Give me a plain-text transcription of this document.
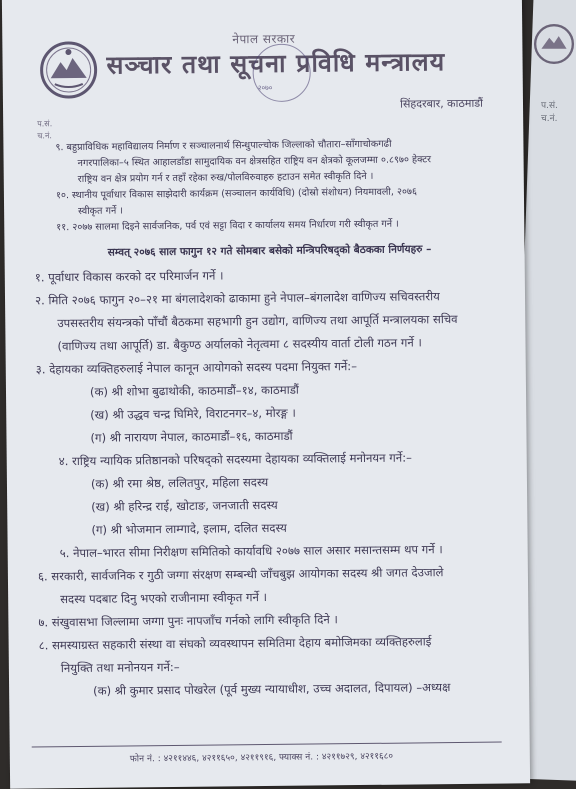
प.सं.
च.नं.
नेपाल सरकार
सञ्चार तथा सूचना प्रविधि मन्त्रालय
२०७०
सिंहदरबार, काठमाडौं
प.सं.
च.नं.
९. बहुप्राविधिक महाविद्यालय निर्माण र सञ्चालनार्थ सिन्धुपाल्चोक जिल्लाको चौतारा–साँगाचोकगढी
नगरपालिका–५ स्थित आहालडाँडा सामुदायिक वन क्षेत्रसहित राष्ट्रिय वन क्षेत्रको कूलजम्मा ०.८९७० हेक्टर
राष्ट्रिय वन क्षेत्र प्रयोग गर्न र तहाँ रहेका रुख/पोलविरुवाहरु हटाउन समेत स्वीकृति दिने ।
१०. स्थानीय पूर्वाधार विकास साझेदारी कार्यक्रम (सञ्चालन कार्यविधि) (दोस्रो संशोधन) नियमावली, २०७६
स्वीकृत गर्ने ।
११. २०७७ सालमा दिइने सार्वजनिक, पर्व एवं सट्टा विदा र कार्यालय समय निर्धारण गरी स्वीकृत गर्ने ।
सम्वत् २०७६ साल फागुन १२ गते सोमबार बसेको मन्त्रिपरिषद्को बैठकका निर्णयहरु –
१. पूर्वाधार विकास करको दर परिमार्जन गर्ने ।
२. मिति २०७६ फागुन २०–२१ मा बंगलादेशको ढाकामा हुने नेपाल–बंगलादेश वाणिज्य सचिवस्तरीय
उपसस्तरीय संयन्त्रको पाँचौं बैठकमा सहभागी हुन उद्योग, वाणिज्य तथा आपूर्ति मन्त्रालयका सचिव
(वाणिज्य तथा आपूर्ति) डा. बैकुण्ठ अर्यालको नेतृत्वमा ८ सदस्यीय वार्ता टोली गठन गर्ने ।
३. देहायका व्यक्तिहरुलाई नेपाल कानून आयोगको सदस्य पदमा नियुक्त गर्ने:–
(क) श्री शोभा बुढाथोकी, काठमाडौं–१४, काठमाडौं
(ख) श्री उद्धव चन्द्र घिमिरे, विराटनगर–४, मोरङ्ग ।
(ग) श्री नारायण नेपाल, काठमाडौं–१६, काठमाडौं
४. राष्ट्रिय न्यायिक प्रतिष्ठानको परिषद्को सदस्यमा देहायका व्यक्तिलाई मनोनयन गर्ने:–
(क) श्री रमा श्रेष्ठ, ललितपुर, महिला सदस्य
(ख) श्री हरिन्द्र राई, खोटाङ, जनजाती सदस्य
(ग) श्री भोजमान लाम्गादे, इलाम, दलित सदस्य
५. नेपाल–भारत सीमा निरीक्षण समितिको कार्यावधि २०७७ साल असार मसान्तसम्म थप गर्ने ।
६. सरकारी, सार्वजनिक र गुठी जग्गा संरक्षण सम्बन्धी जाँचबुझ आयोगका सदस्य श्री जगत देउजाले
सदस्य पदबाट दिनु भएको राजीनामा स्वीकृत गर्ने ।
७. संखुवासभा जिल्लामा जग्गा पुनः नापजाँच गर्नको लागि स्वीकृति दिने ।
८. समस्याग्रस्त सहकारी संस्था वा संघको व्यवस्थापन समितिमा देहाय बमोजिमका व्यक्तिहरुलाई
नियुक्ति तथा मनोनयन गर्ने:–
(क) श्री कुमार प्रसाद पोखरेल (पूर्व मुख्य न्यायाधीश, उच्च अदालत, दिपायल) –अध्यक्ष
फोन नं. : ४२११४४६, ४२११६५०, ४२११९१६, फ्याक्स नं. : ४२११७२९, ४२११६८०
